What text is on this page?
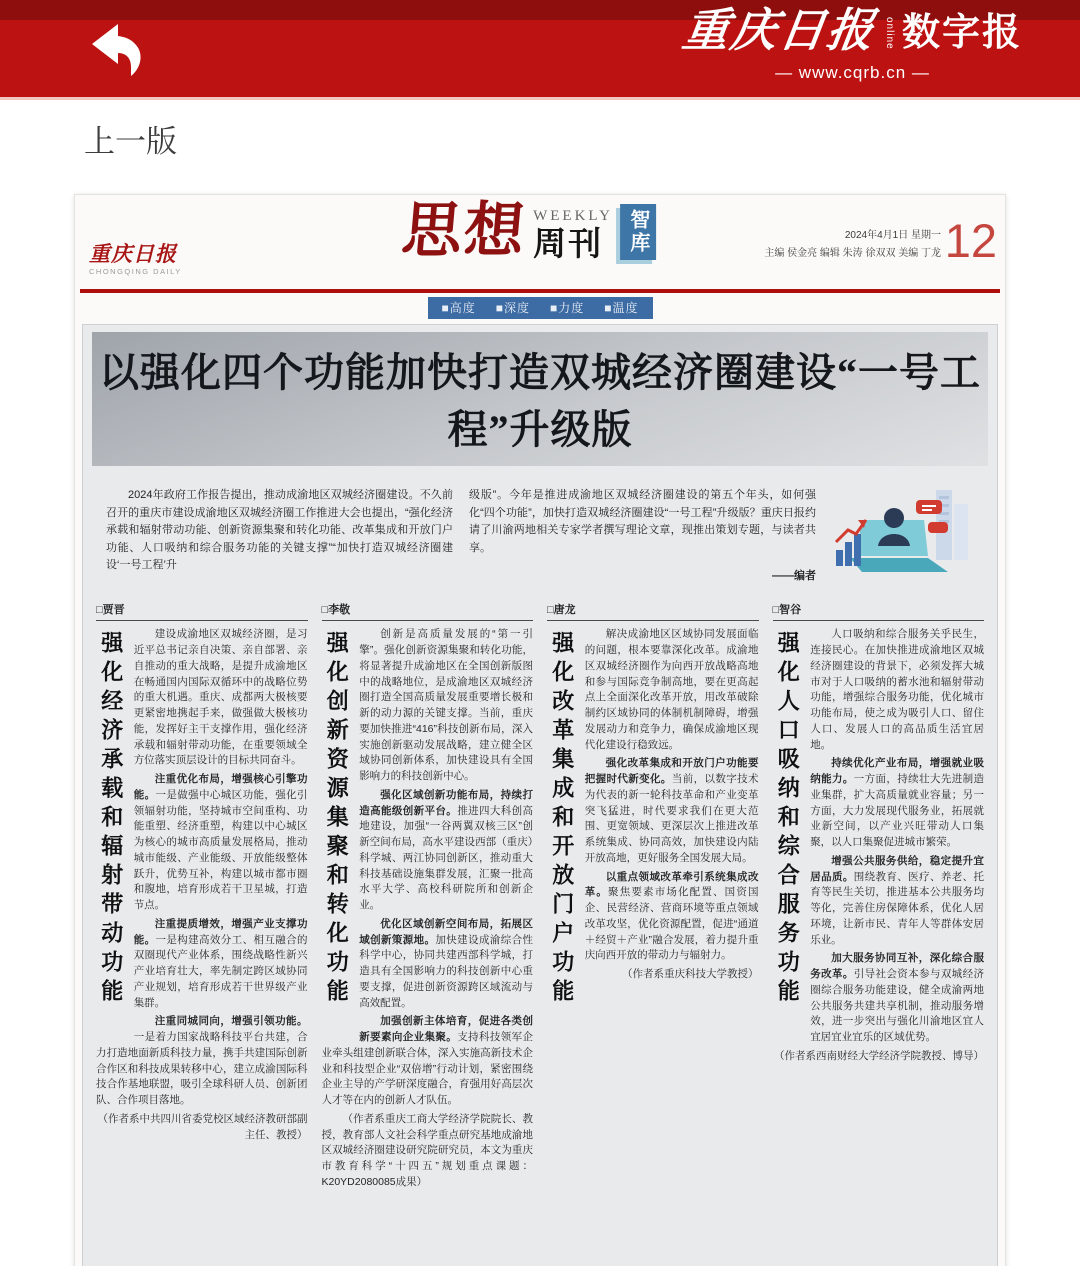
重庆日报 online 数字报
— www.cqrb.cn —
上一版
重庆日报
CHONGQING DAILY
思想 WEEKLY
周刊	智库	2024年4月1日 星期一
主编 侯金亮 编辑 朱涛 徐双双 美编 丁龙 12
■高度 ■深度 ■力度 ■温度
以强化四个功能加快打造双城经济圈建设“一号工程”升级版

2024年政府工作报告提出，推动成渝地区双城经济圈建设。不久前召开的重庆市建设成渝地区双城经济圈工作推进大会也提出，“强化经济承载和辐射带动功能、创新资源集聚和转化功能、改革集成和开放门户功能、人口吸纳和综合服务功能的关键支撑”“加快打造双城经济圈建设‘一号工程’升

级版”。今年是推进成渝地区双城经济圈建设的第五个年头，如何强化“四个功能”，加快打造双城经济圈建设“一号工程”升级版？重庆日报约请了川渝两地相关专家学者撰写理论文章，现推出策划专题，与读者共享。

——编者
□贾晋
强化经济承载和辐射带动功能	建设成渝地区双城经济圈，是习近平总书记亲自决策、亲自部署、亲自推动的重大战略，是提升成渝地区在畅通国内国际双循环中的战略位势的重大机遇。重庆、成都两大极核要更紧密地携起手来，做强做大极核功能，发挥好主干支撑作用，强化经济承载和辐射带动功能，在重要领域全方位落实顶层设计的目标共同奋斗。

注重优化布局，增强核心引擎功能。一是做强中心城区功能，强化引领辐射功能，坚持城市空间重构、功能重塑、经济重塑，构建以中心城区为核心的城市高质量发展格局，推动城市能级、产业能级、开放能级整体跃升，优势互补，构建以城市都市圈和腹地，培育形成若干卫星城，打造节点。

注重提质增效，增强产业支撑功能。一是构建高效分工、相互融合的双圈现代产业体系，围绕战略性新兴产业培育壮大，率先制定跨区域协同产业规划，培育形成若干世界级产业集群。

注重同城同向，增强引领功能。一是着力国家战略科技平台共建，合力打造地面新质科技力量，携手共建国际创新合作区和科技成果转移中心，建立成渝国际科技合作基地联盟，吸引全球科研人员、创新团队、合作项目落地。

（作者系中共四川省委党校区域经济教研部副主任、教授）

□李敬
强化创新资源集聚和转化功能	创新是高质量发展的“第一引擎”。强化创新资源集聚和转化功能，将显著提升成渝地区在全国创新版图中的战略地位，是成渝地区双城经济圈打造全国高质量发展重要增长极和新的动力源的关键支撑。当前，重庆要加快推进“416”科技创新布局，深入实施创新驱动发展战略，建立健全区域协同创新体系，加快建设具有全国影响力的科技创新中心。

强化区域创新功能布局，持续打造高能级创新平台。推进四大科创高地建设，加强“一谷两翼双核三区”创新空间布局，高水平建设西部（重庆）科学城、两江协同创新区，推动重大科技基础设施集群发展，汇聚一批高水平大学、高校科研院所和创新企业。

优化区域创新空间布局，拓展区域创新策源地。加快建设成渝综合性科学中心，协同共建西部科学城，打造具有全国影响力的科技创新中心重要支撑，促进创新资源跨区域流动与高效配置。

加强创新主体培育，促进各类创新要素向企业集聚。支持科技领军企业牵头组建创新联合体，深入实施高新技术企业和科技型企业“双倍增”行动计划，紧密围绕企业主导的产学研深度融合，育强用好高层次人才等在内的创新人才队伍。

（作者系重庆工商大学经济学院院长、教授，教育部人文社会科学重点研究基地成渝地区双城经济圈建设研究院研究员，本文为重庆市教育科学“十四五”规划重点课题：K20YD2080085成果）

□唐龙
强化改革集成和开放门户功能	解决成渝地区区域协同发展面临的问题，根本要靠深化改革。成渝地区双城经济圈作为向西开放战略高地和参与国际竞争制高地，要在更高起点上全面深化改革开放，用改革破除制约区域协同的体制机制障碍，增强发展动力和竞争力，确保成渝地区现代化建设行稳致远。

强化改革集成和开放门户功能要把握时代新变化。当前，以数字技术为代表的新一轮科技革命和产业变革突飞猛进，时代要求我们在更大范围、更宽领域、更深层次上推进改革系统集成、协同高效，加快建设内陆开放高地，更好服务全国发展大局。

以重点领域改革牵引系统集成改革。聚焦要素市场化配置、国资国企、民营经济、营商环境等重点领域改革攻坚，优化资源配置，促进“通道＋经贸＋产业”融合发展，着力提升重庆向西开放的带动力与辐射力。

（作者系重庆科技大学教授）

□智谷
强化人口吸纳和综合服务功能	人口吸纳和综合服务关乎民生，连接民心。在加快推进成渝地区双城经济圈建设的背景下，必须发挥大城市对于人口吸纳的蓄水池和辐射带动功能，增强综合服务功能，优化城市功能布局，使之成为吸引人口、留住人口、发展人口的高品质生活宜居地。

持续优化产业布局，增强就业吸纳能力。一方面，持续壮大先进制造业集群，扩大高质量就业容量；另一方面，大力发展现代服务业，拓展就业新空间，以产业兴旺带动人口集聚，以人口集聚促进城市繁荣。

增强公共服务供给，稳定提升宜居品质。围绕教育、医疗、养老、托育等民生关切，推进基本公共服务均等化，完善住房保障体系，优化人居环境，让新市民、青年人等群体安居乐业。

加大服务协同互补，深化综合服务改革。引导社会资本参与双城经济圈综合服务功能建设，健全成渝两地公共服务共建共享机制，推动服务增效，进一步突出与强化川渝地区宜人宜居宜业宜乐的区域优势。

（作者系西南财经大学经济学院教授、博导）
